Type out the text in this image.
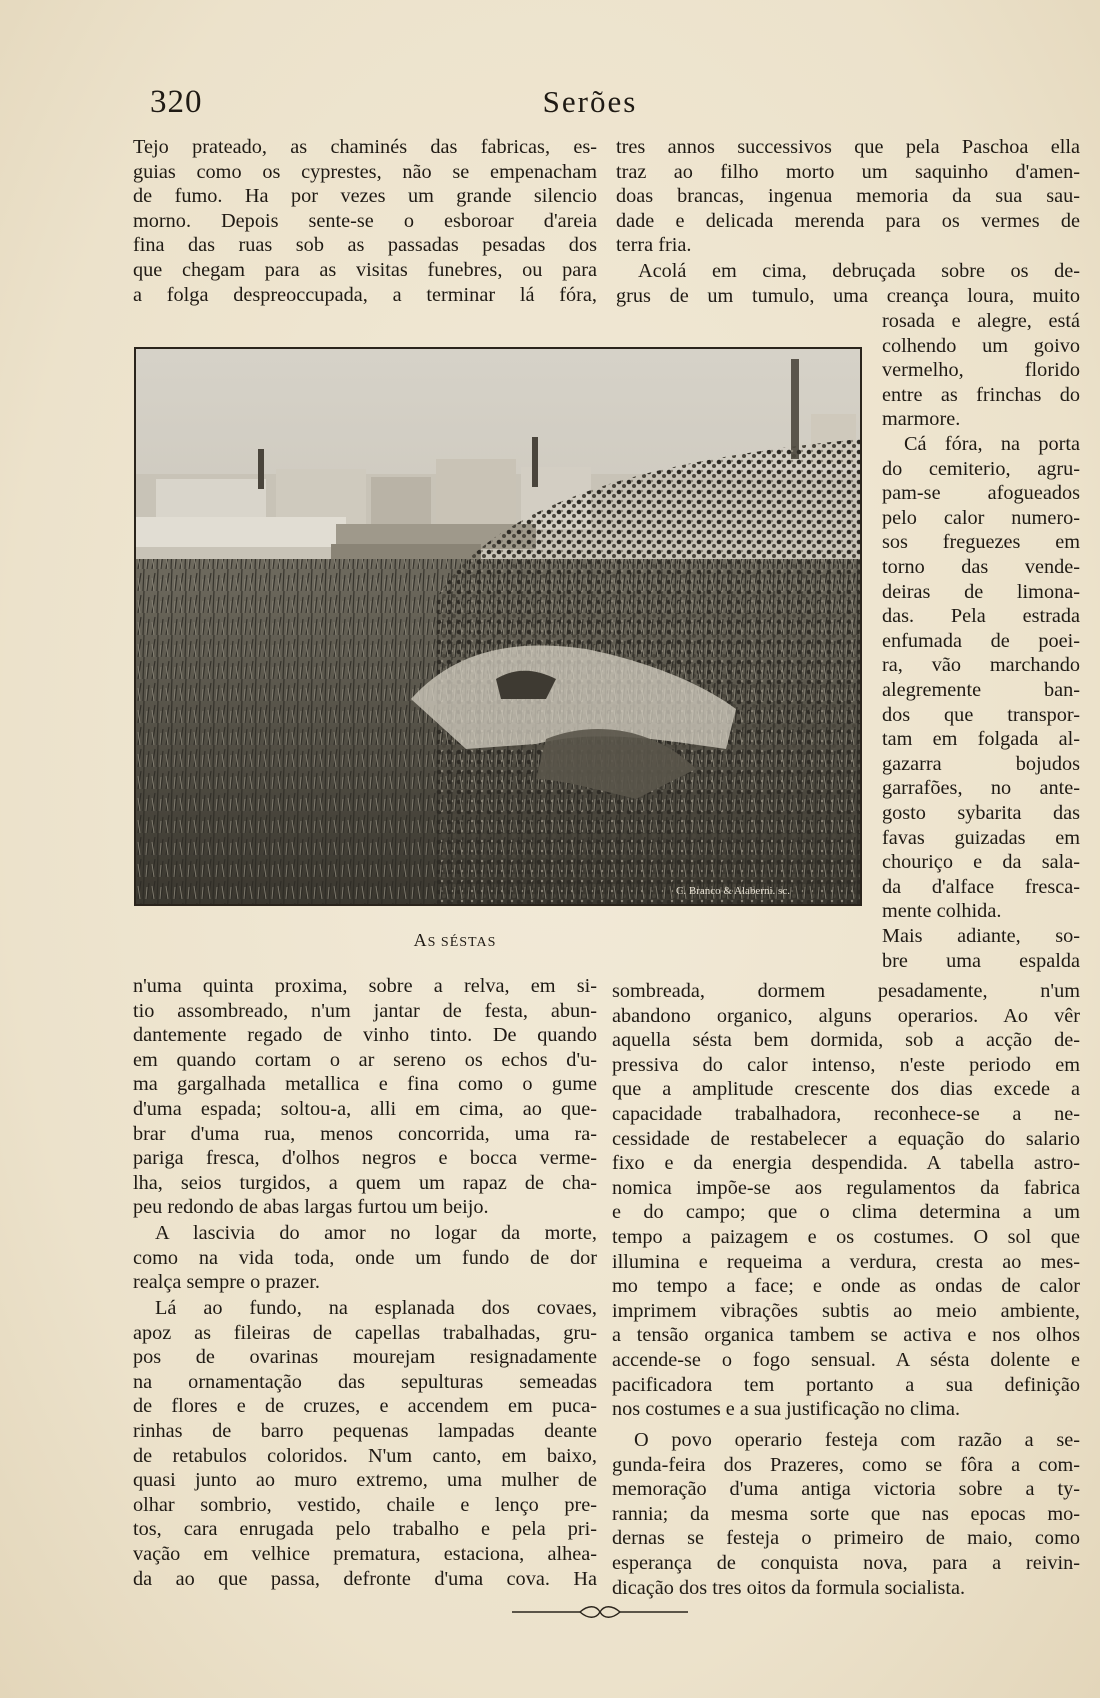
320	Serões
Tejo prateado, as chaminés das fabricas, es-
guias como os cyprestes, não se empenacham
de fumo. Ha por vezes um grande silencio
morno. Depois sente-se o esboroar d'areia
fina das ruas sob as passadas pesadas dos
que chegam para as visitas funebres, ou para
a folga despreoccupada, a terminar lá fóra,
tres annos successivos que pela Paschoa ella
traz ao filho morto um saquinho d'amen-
doas brancas, ingenua memoria da sua sau-
dade e delicada merenda para os vermes de
terra fria.
Acolá em cima, debruçada sobre os de-
grus de um tumulo, uma creança loura, muito
rosada e alegre, está
colhendo um goivo
vermelho, florido
entre as frinchas do
marmore.
Cá fóra, na porta
do cemiterio, agru-
pam-se afogueados
pelo calor numero-
sos freguezes em
torno das vende-
deiras de limona-
das. Pela estrada
enfumada de poei-
ra, vão marchando
alegremente ban-
dos que transpor-
tam em folgada al-
gazarra bojudos
garrafões, no ante-
gosto sybarita das
favas guizadas em
chouriço e da sala-
da d'alface fresca-
mente colhida.
Mais adiante, so-
bre uma espalda
C. Branco & Alaberni. sc.
AS SÉSTAS
n'uma quinta proxima, sobre a relva, em si-
tio assombreado, n'um jantar de festa, abun-
dantemente regado de vinho tinto. De quando
em quando cortam o ar sereno os echos d'u-
ma gargalhada metallica e fina como o gume
d'uma espada; soltou-a, alli em cima, ao que-
brar d'uma rua, menos concorrida, uma ra-
pariga fresca, d'olhos negros e bocca verme-
lha, seios turgidos, a quem um rapaz de cha-
peu redondo de abas largas furtou um beijo.
A lascivia do amor no logar da morte,
como na vida toda, onde um fundo de dor
realça sempre o prazer.
Lá ao fundo, na esplanada dos covaes,
apoz as fileiras de capellas trabalhadas, gru-
pos de ovarinas mourejam resignadamente
na ornamentação das sepulturas semeadas
de flores e de cruzes, e accendem em puca-
rinhas de barro pequenas lampadas deante
de retabulos coloridos. N'um canto, em baixo,
quasi junto ao muro extremo, uma mulher de
olhar sombrio, vestido, chaile e lenço pre-
tos, cara enrugada pelo trabalho e pela pri-
vação em velhice prematura, estaciona, alhea-
da ao que passa, defronte d'uma cova. Ha
sombreada, dormem pesadamente, n'um
abandono organico, alguns operarios. Ao vêr
aquella sésta bem dormida, sob a acção de-
pressiva do calor intenso, n'este periodo em
que a amplitude crescente dos dias excede a
capacidade trabalhadora, reconhece-se a ne-
cessidade de restabelecer a equação do salario
fixo e da energia despendida. A tabella astro-
nomica impõe-se aos regulamentos da fabrica
e do campo; que o clima determina a um
tempo a paizagem e os costumes. O sol que
illumina e requeima a verdura, cresta ao mes-
mo tempo a face; e onde as ondas de calor
imprimem vibrações subtis ao meio ambiente,
a tensão organica tambem se activa e nos olhos
accende-se o fogo sensual. A sésta dolente e
pacificadora tem portanto a sua definição
nos costumes e a sua justificação no clima.
O povo operario festeja com razão a se-
gunda-feira dos Prazeres, como se fôra a com-
memoração d'uma antiga victoria sobre a ty-
rannia; da mesma sorte que nas epocas mo-
dernas se festeja o primeiro de maio, como
esperança de conquista nova, para a reivin-
dicação dos tres oitos da formula socialista.
